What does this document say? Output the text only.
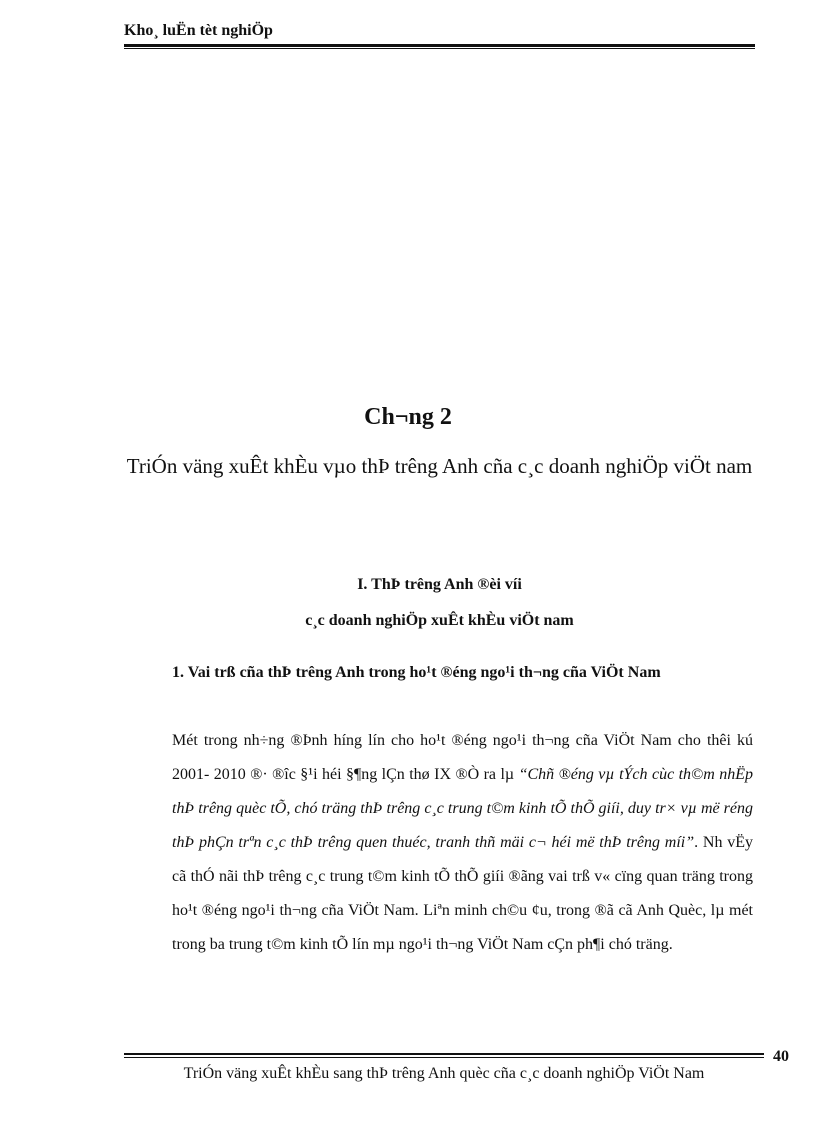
Kho¸ luËn tèt nghiÖp
Ch¬ng 2
TriÓn väng xuÊt khÈu vµo thÞ trêng Anh cña c¸c doanh nghiÖp viÖt nam
I. ThÞ trêng Anh ®èi víi

c¸c doanh nghiÖp xuÊt khÈu viÖt nam
1. Vai trß cña thÞ trêng Anh trong ho¹t ®éng ngo¹i th¬ng cña ViÖt Nam
Mét trong nh÷ng ®Þnh híng lín cho ho¹t ®éng ngo¹i th¬ng cña ViÖt Nam cho thêi kú 2001- 2010 ®· ®îc §¹i héi §¶ng lÇn thø IX ®Ò ra lµ “Chñ ®éng vµ tÝch cùc th©m nhËp thÞ trêng quèc tÕ, chó träng thÞ trêng c¸c trung t©m kinh tÕ thÕ giíi, duy tr× vµ më réng thÞ phÇn trªn c¸c thÞ trêng quen thuéc, tranh thñ mäi c¬ héi më thÞ trêng míi”. Nh vËy cã thÓ nãi thÞ trêng c¸c trung t©m kinh tÕ thÕ giíi ®ãng vai trß v« cïng quan träng trong ho¹t ®éng ngo¹i th¬ng cña ViÖt Nam. Liªn minh ch©u ¢u, trong ®ã cã Anh Quèc, lµ mét trong ba trung t©m kinh tÕ lín mµ ngo¹i th¬ng ViÖt Nam cÇn ph¶i chó träng.
40
TriÓn väng xuÊt khÈu sang thÞ trêng Anh quèc cña c¸c doanh nghiÖp ViÖt Nam
